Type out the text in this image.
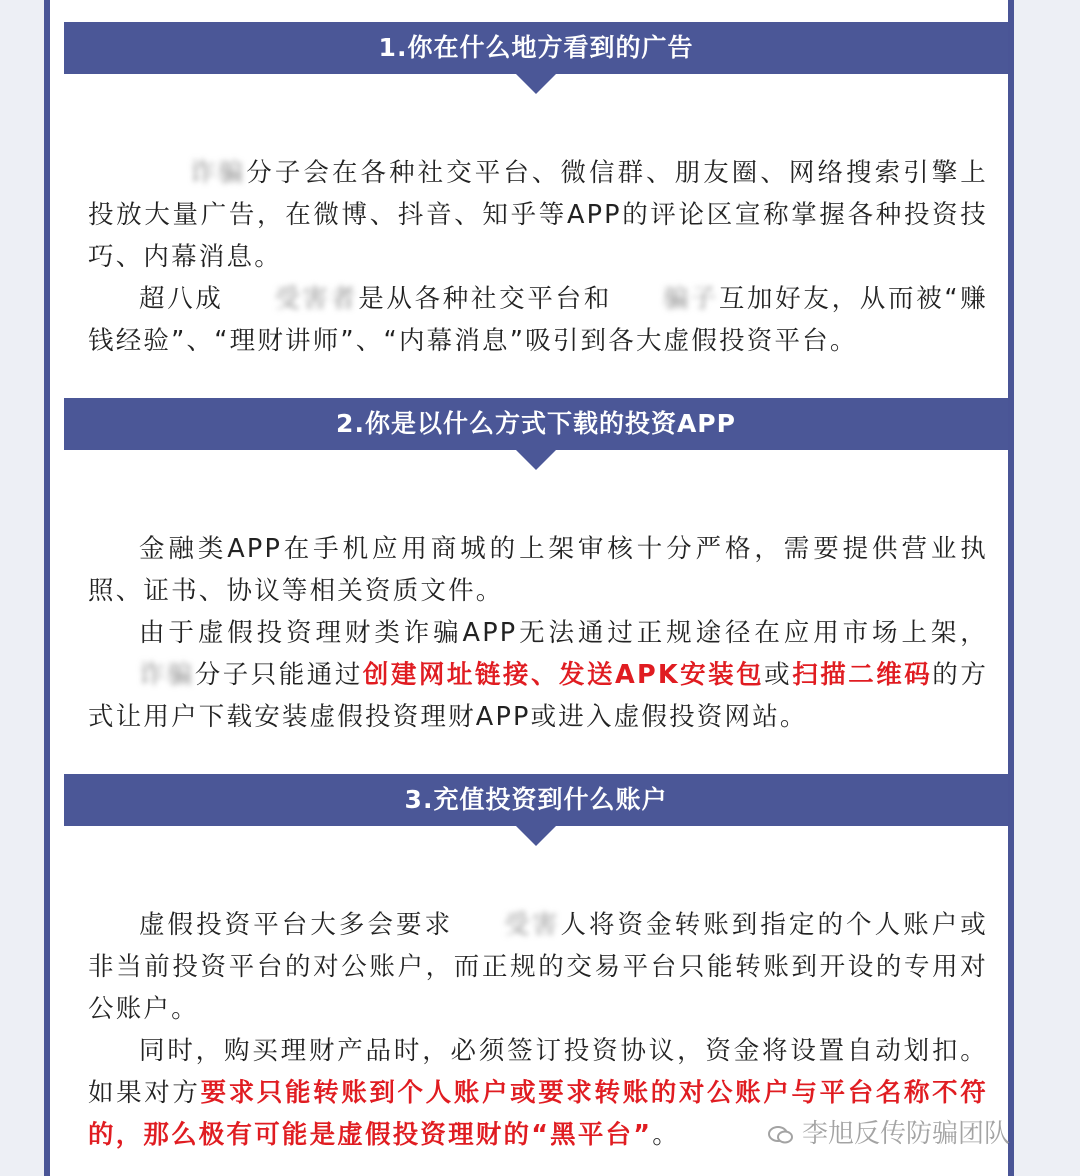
1.你在什么地方看到的广告

诈骗分子会在各种社交平台、微信群、朋友圈、网络搜索引擎上投放大量广告，在微博、抖音、知乎等APP的评论区宣称掌握各种投资技巧、内幕消息。

超八成 受害者是从各种社交平台和 骗子互加好友，从而被“赚钱经验”、“理财讲师”、“内幕消息”吸引到各大虚假投资平台。

2.你是以什么方式下载的投资APP

金融类APP在手机应用商城的上架审核十分严格，需要提供营业执照、证书、协议等相关资质文件。

由于虚假投资理财类诈骗APP无法通过正规途径在应用市场上架，诈骗分子只能通过创建网址链接、发送APK安装包或扫描二维码的方式让用户下载安装虚假投资理财APP或进入虚假投资网站。

3.充值投资到什么账户

虚假投资平台大多会要求 受害人将资金转账到指定的个人账户或非当前投资平台的对公账户，而正规的交易平台只能转账到开设的专用对公账户。

同时，购买理财产品时，必须签订投资协议，资金将设置自动划扣。如果对方要求只能转账到个人账户或要求转账的对公账户与平台名称不符的，那么极有可能是虚假投资理财的“黑平台”。	李旭反传防骗团队
